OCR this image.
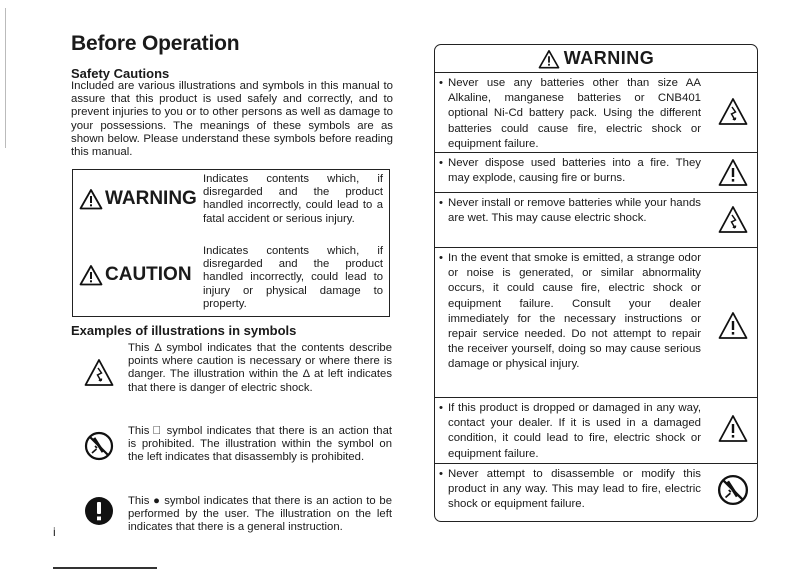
Before Operation
Safety Cautions
Included are various illustrations and symbols in this manual to assure that this product is used safely and correctly, and to prevent injuries to you or to other persons as well as damage to your possessions. The meanings of these symbols are as shown below. Please understand these symbols before reading this manual.
WARNING
Indicates contents which, if disregarded and the product handled incorrectly, could lead to a fatal accident or serious injury.
CAUTION
Indicates contents which, if disregarded and the product handled incorrectly, could lead to injury or physical damage to property.
Examples of illustrations in symbols
This Δ symbol indicates that the contents describe points where caution is necessary or where there is danger. The illustration within the Δ at left indicates that there is danger of electric shock.
This ⃠ symbol indicates that there is an action that is prohibited. The illustration within the symbol on the left indicates that disassembly is prohibited.
This ● symbol indicates that there is an action to be performed by the user. The illustration on the left indicates that there is a general instruction.
i
WARNING
• Never use any batteries other than size AA Alkaline, manganese batteries or CNB401 optional Ni-Cd battery pack. Using the different batteries could cause fire, electric shock or equipment failure.
• Never dispose used batteries into a fire. They may explode, causing fire or burns.
• Never install or remove batteries while your hands are wet. This may cause electric shock.
• In the event that smoke is emitted, a strange odor or noise is generated, or similar abnormality occurs, it could cause fire, electric shock or equipment failure. Consult your dealer immediately for the necessary instructions or repair service needed. Do not attempt to repair the receiver yourself, doing so may cause serious damage or physical injury.
• If this product is dropped or damaged in any way, contact your dealer. If it is used in a damaged condition, it could lead to fire, electric shock or equipment failure.
• Never attempt to disassemble or modify this product in any way. This may lead to fire, electric shock or equipment failure.
